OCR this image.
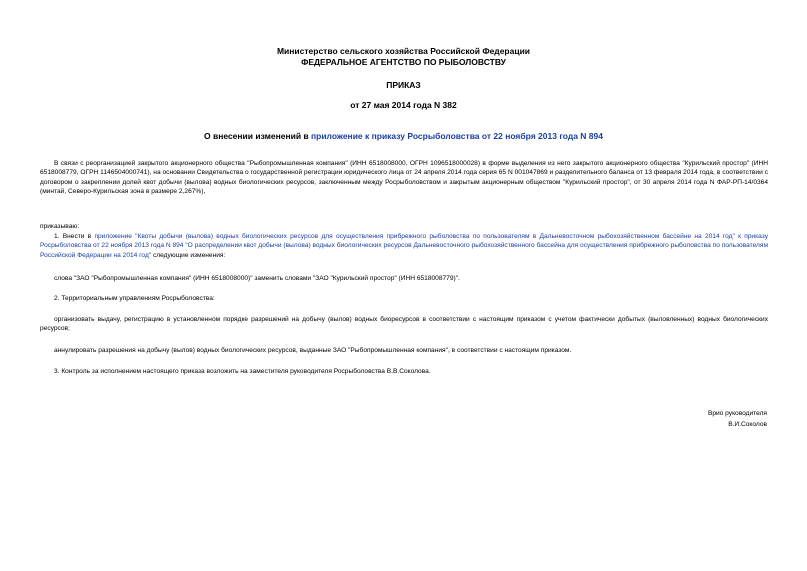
Министерство сельского хозяйства Российской Федерации
ФЕДЕРАЛЬНОЕ АГЕНТСТВО ПО РЫБОЛОВСТВУ
ПРИКАЗ
от 27 мая 2014 года N 382
О внесении изменений в приложение к приказу Росрыболовства от 22 ноября 2013 года N 894
В связи с реорганизацией закрытого акционерного общества "Рыбопромышленная компания" (ИНН 6518008000, ОГРН 1096518000028) в форме выделения из него закрытого акционерного общества "Курильский простор" (ИНН 6518008779, ОГРН 1146504000741), на основании Свидетельства о государственной регистрации юридического лица от 24 апреля 2014 года серия 65 N 001047869 и разделительного баланса от 13 февраля 2014 года, в соответствии с договором о закреплении долей квот добычи (вылова) водных биологических ресурсов, заключенным между Росрыболовством и закрытым акционерным обществом "Курильский простор", от 30 апреля 2014 года N ФАР-РП-14/0364 (минтай, Северо-Курильская зона в размере 2,267%),
приказываю:
1. Внести в приложение "Квоты добычи (вылова) водных биологических ресурсов для осуществления прибрежного рыболовства по пользователям в Дальневосточном рыбохозяйственном бассейне на 2014 год" к приказу Росрыболовства от 22 ноября 2013 года N 894 "О распределении квот добычи (вылова) водных биологических ресурсов Дальневосточного рыбохозяйственного бассейна для осуществления прибрежного рыболовства по пользователям Российской Федерации на 2014 год" следующие изменения:
слова "ЗАО "Рыбопромышленная компания" (ИНН 6518008000)" заменить словами "ЗАО "Курильский простор" (ИНН 6518008779)".
2. Территориальным управлениям Росрыболовства:
организовать выдачу, регистрацию в установленном порядке разрешений на добычу (вылов) водных биоресурсов в соответствии с настоящим приказом с учетом фактически добытых (выловленных) водных биологических ресурсов;
аннулировать разрешения на добычу (вылов) водных биологических ресурсов, выданные ЗАО "Рыбопромышленная компания", в соответствии с настоящим приказом.
3. Контроль за исполнением настоящего приказа возложить на заместителя руководителя Росрыболовства В.В.Соколова.
Врио руководителя
В.И.Соколов
